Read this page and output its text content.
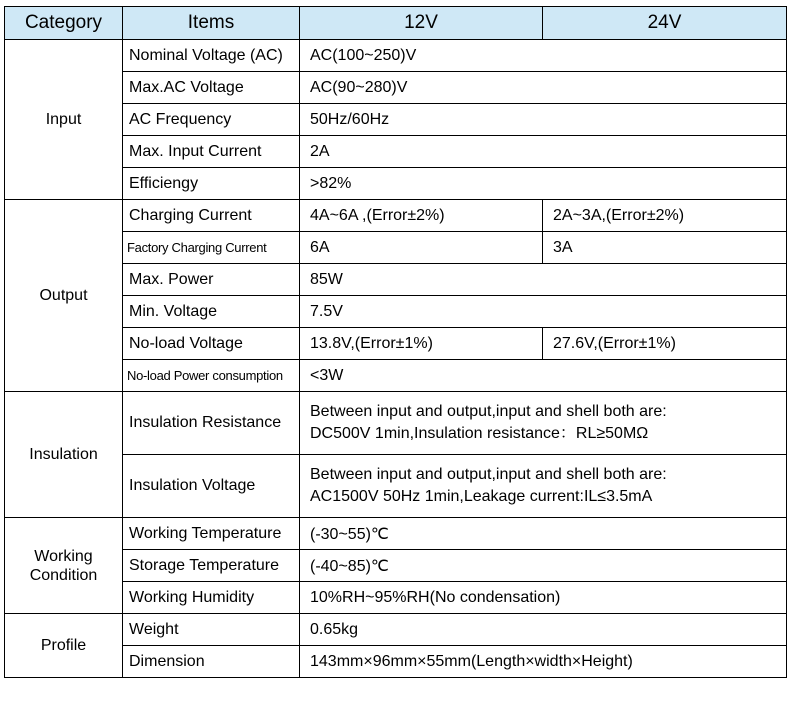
Category	Items	12V	24V
Input	Nominal Voltage (AC)	AC(100~250)V	
	Max.AC Voltage	AC(90~280)V	
	AC Frequency	50Hz/60Hz	
	Max. Input Current	2A	
	Efficiengy	>82%	
Output	Charging Current	4A~6A ,(Error±2%)	2A~3A,(Error±2%)
	Factory Charging Current	6A	3A
	Max. Power	85W	
	Min. Voltage	7.5V	
	No-load Voltage	13.8V,(Error±1%)	27.6V,(Error±1%)
	No-load Power consumption	<3W	
Insulation	Insulation Resistance	Between input and output,input and shell both are:
DC500V 1min,Insulation resistance：RL≥50MΩ	

	Insulation Voltage	Between input and output,input and shell both are:
AC1500V 50Hz 1min,Leakage current:IL≤3.5mA	

Working
Condition	Working Temperature	(-30~55)℃	
	Storage Temperature	(-40~85)℃	
	Working Humidity	10%RH~95%RH(No condensation)	
Profile	Weight	0.65kg	
	Dimension	143mm×96mm×55mm(Length×width×Height)	
